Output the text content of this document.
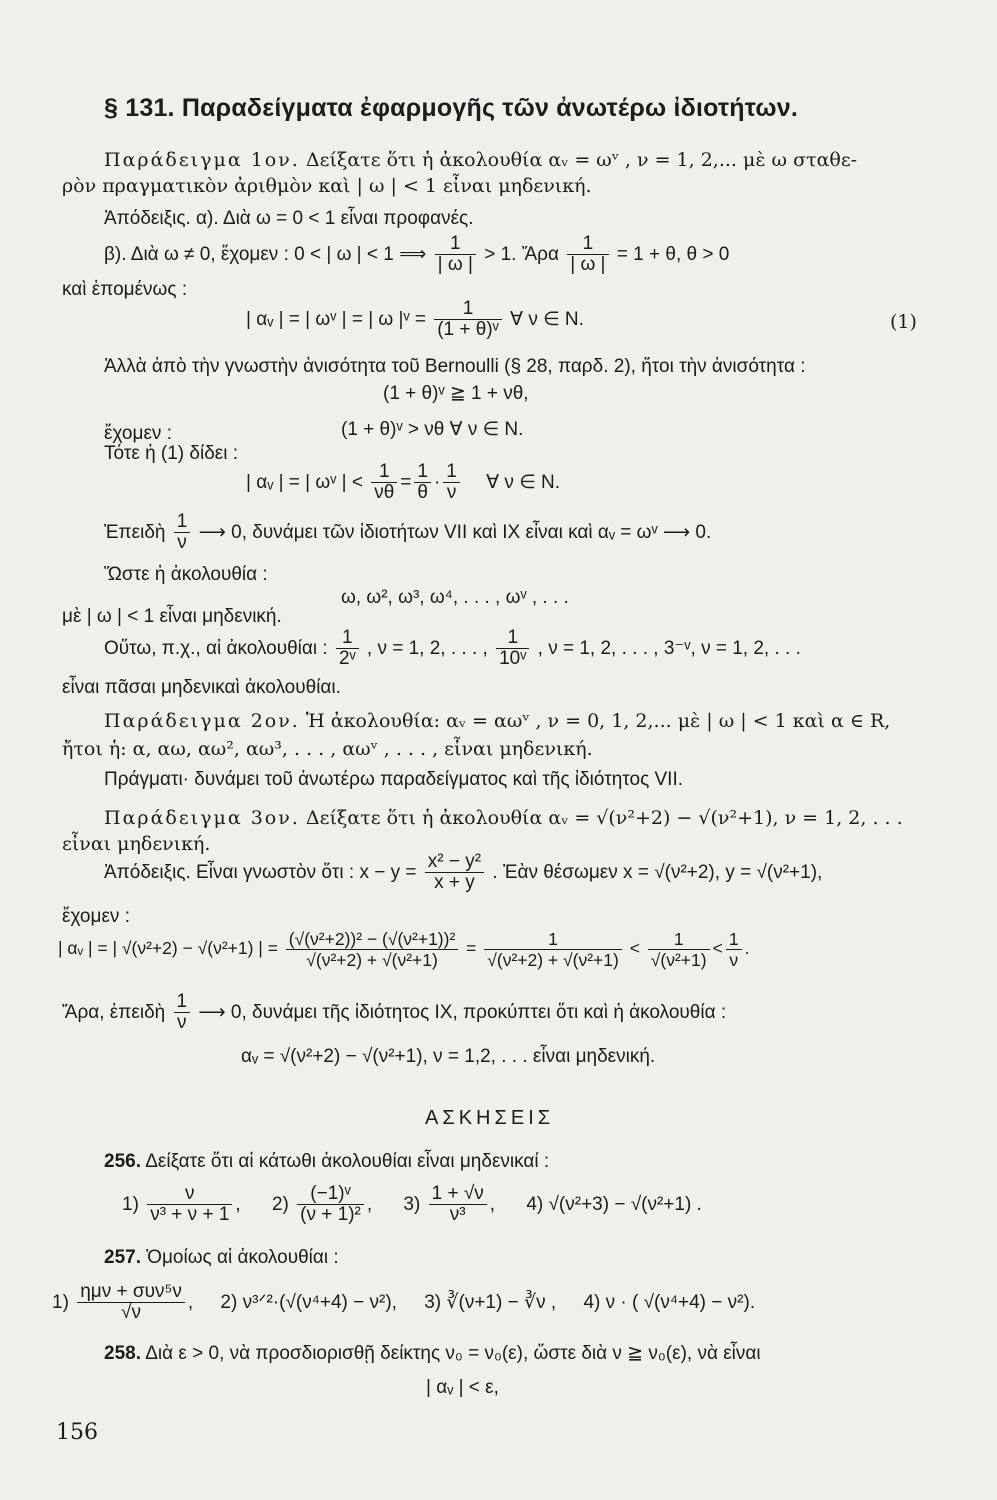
§ 131. Παραδείγματα ἐφαρμογῆς τῶν ἀνωτέρω ἰδιοτήτων.
Παράδειγμα 1ον. Δείξατε ὅτι ἡ ἀκολουθία αᵥ = ωᵛ , ν = 1, 2,... μὲ ω σταθε-
ρὸν πραγματικὸν ἀριθμὸν καὶ | ω | < 1 εἶναι μηδενική.
Ἀπόδειξις. α). Διὰ ω = 0 < 1 εἶναι προφανές.
β). Διὰ ω ≠ 0, ἔχομεν : 0 < | ω | < 1 ⟹ $\frac{1}{| \omega |} > 1$. Ἄρα $\frac{1}{| \omega |} = 1 + \theta$, θ > 0
καὶ ἑπομένως :
| αᵥ | = | ωᵛ | = | ω |ᵛ = $\frac{1}{\text{(1 + θ)ᵛ}}$ ∀ ν ∈ N.	(1)
Ἀλλὰ ἀπὸ τὴν γνωστὴν ἀνισότητα τοῦ Bernoulli (§ 28, παρδ. 2), ἤτοι τὴν ἀνισότητα :
(1 + θ)ᵛ ≧ 1 + νθ,
ἔχομεν :	(1 + θ)ᵛ > νθ ∀ ν ∈ N.
Τότε ἡ (1) δίδει :
| αᵥ | = | ωᵛ | < $\frac{1}{\nu\theta} = \frac{1}{\theta} \cdot \frac{1}{\nu}$ ∀ ν ∈ N.
Ἐπειδὴ $\frac{1}{\nu}$ ⟶ 0, δυνάμει τῶν ἰδιοτήτων VII καὶ IX εἶναι καὶ αᵥ = ωᵛ ⟶ 0.
Ὥστε ἡ ἀκολουθία :
ω, ω², ω³, ω⁴, . . . , ωᵛ , . . .
μὲ | ω | < 1 εἶναι μηδενική.
Οὕτω, π.χ., αἱ ἀκολουθίαι : $\frac{1}{\text{2ᵛ}}$ , ν = 1, 2, . . . , $\frac{1}{\text{10ᵛ}}$ , ν = 1, 2, . . . , 3⁻ᵛ, ν = 1, 2, . . .
εἶναι πᾶσαι μηδενικαὶ ἀκολουθίαι.
Παράδειγμα 2ον. Ἡ ἀκολουθία: αᵥ = αωᵛ , ν = 0, 1, 2,... μὲ | ω | < 1 καὶ α ∈ R,
ἤτοι ἡ: α, αω, αω², αω³, . . . , αωᵛ , . . . , εἶναι μηδενική.
Πράγματι· δυνάμει τοῦ ἀνωτέρω παραδείγματος καὶ τῆς ἰδιότητος VII.
Παράδειγμα 3ον. Δείξατε ὅτι ἡ ἀκολουθία αᵥ = √(ν²+2) − √(ν²+1), ν = 1, 2, . . .
εἶναι μηδενική.
Ἀπόδειξις. Εἶναι γνωστὸν ὅτι : $x - y = \frac{\text{x² − y²}}{x + y}$ . Ἐὰν θέσωμεν x = √(ν²+2), y = √(ν²+1),
ἔχομεν :
| αᵥ | = | √(ν²+2) − √(ν²+1) | = $\frac{\text{(√(ν²+2))² − (√(ν²+1))²}}{\text{√(ν²+2) + √(ν²+1)}} = \frac{1}{\text{√(ν²+2) + √(ν²+1)}} < \frac{1}{\text{√(ν²+1)}} < \frac{1}{\nu}$ .
Ἄρα, ἐπειδὴ $\frac{1}{\nu}$ ⟶ 0, δυνάμει τῆς ἰδιότητος IX, προκύπτει ὅτι καὶ ἡ ἀκολουθία :
αᵥ = √(ν²+2) − √(ν²+1), ν = 1,2, . . . εἶναι μηδενική.
ΑΣΚΗΣΕΙΣ
256. Δείξατε ὅτι αἱ κάτωθι ἀκολουθίαι εἶναι μηδενικαί :
$1) \frac{\nu}{\text{ν³ + ν + 1}}$ , $2) \frac{\text{(−1)ᵛ}}{\text{(ν + 1)²}}$ , $3) \frac{1 + √\nu}{\text{ν³}}$ , 4) √(ν²+3) − √(ν²+1) .
257. Ὁμοίως αἱ ἀκολουθίαι :
1)
ημν + συν⁵ν
√ν	, 2) ν³ᐟ²·(√(ν⁴+4) − ν²), 3) ∛(ν+1) − ∛ν , 4) ν · ( √(ν⁴+4) − ν²).
258. Διὰ ε > 0, νὰ προσδιορισθῇ δείκτης ν₀ = ν₀(ε), ὥστε διὰ ν ≧ ν₀(ε), νὰ εἶναι
| αᵥ | < ε,
156
